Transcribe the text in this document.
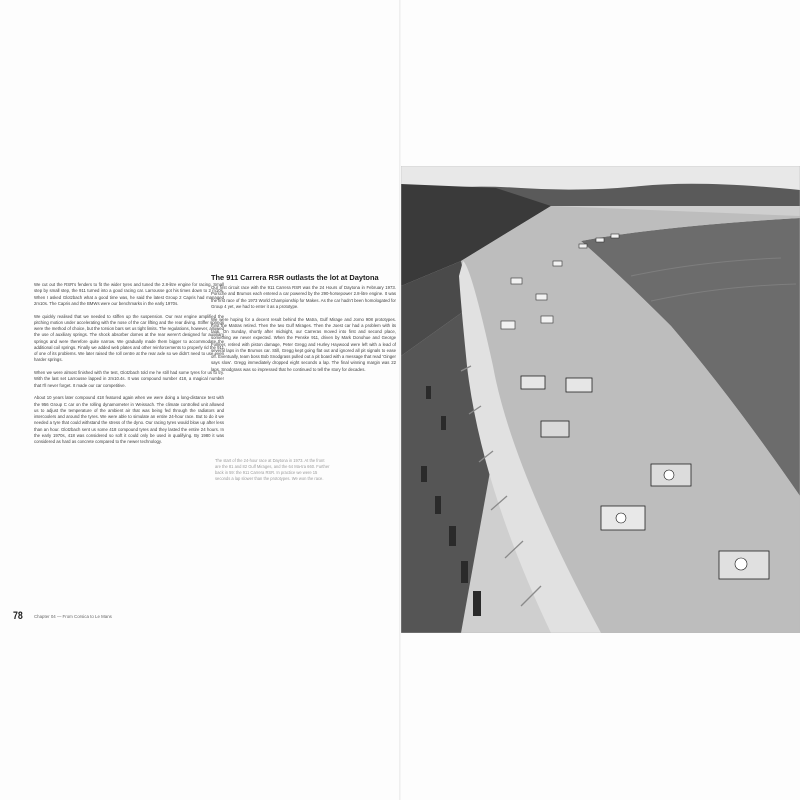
We cut out the RSR's fenders to fit the wider tyres and tuned the 2.8-litre engine for racing. Small step by small step, the 911 turned into a good racing car. Larrousse got his times down to 2 m10s. When I asked Glotzbach what a good time was, he said the latest Group 2 Capris had managed 2m10s. The Capris and the BMWs were our benchmarks in the early 1970s.

We quickly realised that we needed to stiffen up the suspension. Our rear engine amplified the pitching motion under accelerating with the nose of the car lifting and the rear diving. Stiffer springs were the method of choice, but the torsion bars set us tight limits. The regulations, however, allowed the use of auxiliary springs. The shock absorber domes at the rear weren't designed for auxiliary springs and were therefore quite narrow. We gradually made them bigger to accommodate the additional coil springs. Finally we added web plates and other reinforcements to properly rid the 911 of one of its problems. We later raised the roll centre at the rear axle so we didn't need to use even harder springs.

When we were almost finished with the test, Glotzbach told me he still had some tyres for us to try. With the last set Larrousse lapped in 2m10.4s. It was compound number 418, a magical number that I'll never forget. It made our car competitive.

About 10 years later compound 418 featured again when we were doing a long-distance test with the 956 Group C car on the rolling dynamometer in Weissach. The climate controlled unit allowed us to adjust the temperature of the ambient air that was being fed through the radiators and intercoolers and around the tyres. We were able to simulate an entire 24-hour race. But to do it we needed a tyre that could withstand the stress of the dyno. Our racing tyres would blow up after less than an hour. Glotzbach sent us some 418 compound tyres and they lasted the entire 24 hours. In the early 1970s, 418 was considered so soft it could only be used in qualifying. By 1980 it was considered as hard as concrete compared to the newer technology.

The 911 Carrera RSR outlasts the lot at Daytona

Our first circuit race with the 911 Carrera RSR was the 24 Hours of Daytona in February 1973. Porsche and Brumos each entered a car powered by the 290-horsepower 2.8-litre engine. It was the first race of the 1973 World Championship for Makes. As the car hadn't been homologated for Group 4 yet, we had to enter it as a prototype.

We were hoping for a decent result behind the Matra, Gulf Mirage and Jomo 908 prototypes. First the Matras retired. Then the two Gulf Mirages. Then the Joest car had a problem with its tank. On Sunday, shortly after midnight, our Carreras moved into first and second place, something we never expected. When the Penske 911, driven by Mark Donohue and George Follmer, retired with piston damage, Peter Gregg and Hurley Haywood were left with a lead of several laps in the Brumos car. Still, Gregg kept going flat out and ignored all pit signals to ease off. Eventually, team boss Bob Snodgrass pulled out a pit board with a message that read 'Ginger says slow'. Gregg immediately dropped eight seconds a lap. The final winning margin was 22 laps. Snodgrass was so impressed that he continued to tell the story for decades.

The start of the 24-hour race at Daytona in 1973. At the front are the 81 and 82 Gulf Mirages, and the 64 Ma-tra 660. Further back in 59: the 911 Carrera RSR. In practice we were 15 seconds a lap slower than the prototypes. We won the race.
78	Chapter 04 — From Corsica to Le Mans
